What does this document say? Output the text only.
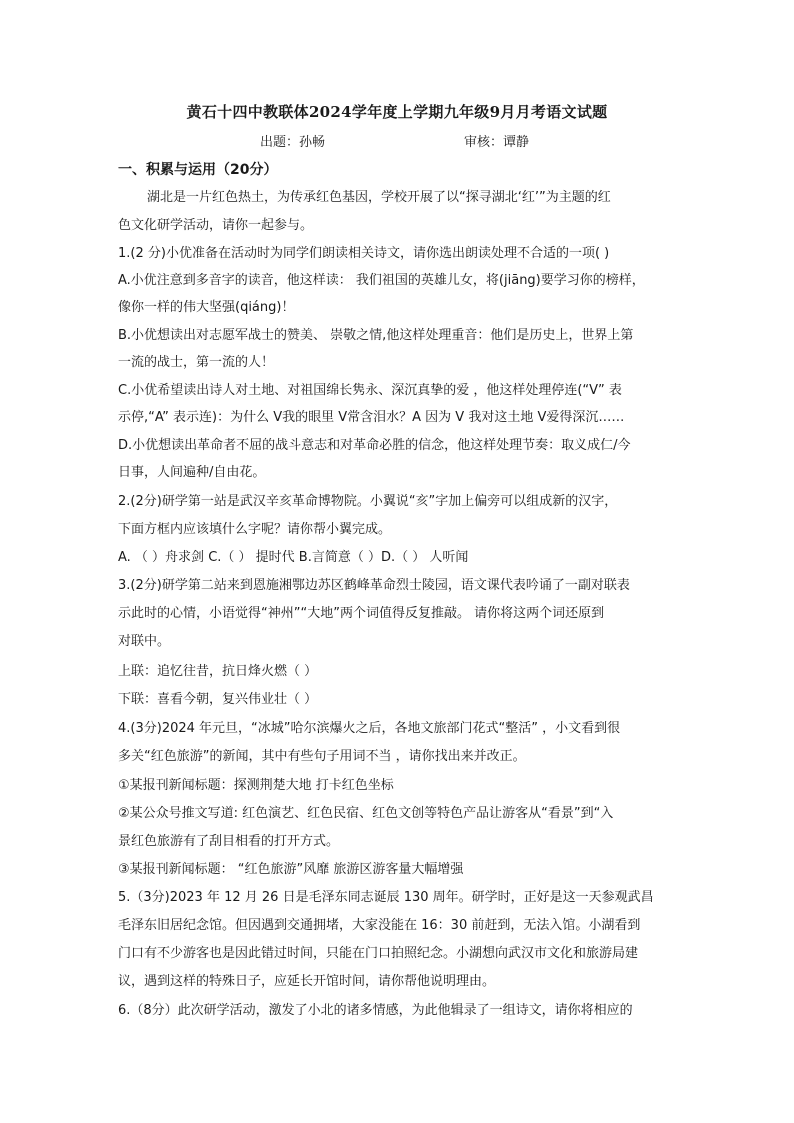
黄石十四中教联体2024学年度上学期九年级9月月考语文试题
出题：孙畅	审核：谭静
一、积累与运用（20分）
湖北是一片红色热土，为传承红色基因，学校开展了以“探寻湖北‘红’”为主题的红
色文化研学活动，请你一起参与。
1.(2 分)小优准备在活动时为同学们朗读相关诗文，请你选出朗读处理不合适的一项( )
A.小优注意到多音字的读音，他这样读： 我们祖国的英雄儿女，将(jiāng)要学习你的榜样，
像你一样的伟大坚强(qiáng)！
B.小优想读出对志愿军战士的赞美、 崇敬之情,他这样处理重音：他们是历史上，世界上第
一流的战士，第一流的人！
C.小优希望读出诗人对土地、对祖国绵长隽永、深沉真挚的爱 ，他这样处理停连(“V” 表
示停,“A” 表示连)：为什么 V我的眼里 V常含泪水？A 因为 V 我对这土地 V爱得深沉……
D.小优想读出革命者不屈的战斗意志和对革命必胜的信念，他这样处理节奏：取义成仁/今
日事，人间遍种/自由花。
2.(2分)研学第一站是武汉辛亥革命博物院。小翼说“亥”字加上偏旁可以组成新的汉字，
下面方框内应该填什么字呢？请你帮小翼完成。
A. （ ）舟求剑 C.（ ） 提时代 B.言简意（ ）D.（ ） 人听闻
3.(2分)研学第二站来到恩施湘鄂边苏区鹤峰革命烈士陵园，语文课代表吟诵了一副对联表
示此时的心情，小语觉得“神州”“大地”两个词值得反复推敲。 请你将这两个词还原到
对联中。
上联：追忆往昔，抗日烽火燃（ ）
下联：喜看今朝，复兴伟业壮（ ）
4.(3分)2024 年元旦，“冰城”哈尔滨爆火之后，各地文旅部门花式“整活” ，小文看到很
多关“红色旅游”的新闻，其中有些句子用词不当 ，请你找出来并改正。
①某报刊新闻标题：探测荆楚大地 打卡红色坐标
②某公众号推文写道: 红色演艺、红色民宿、红色文创等特色产品让游客从“看景”到“入
景红色旅游有了刮目相看的打开方式。
③某报刊新闻标题： “红色旅游”风靡 旅游区游客量大幅增强
5.（3分)2023 年 12 月 26 日是毛泽东同志诞辰 130 周年。研学时，正好是这一天参观武昌
毛泽东旧居纪念馆。但因遇到交通拥堵，大家没能在 16：30 前赶到，无法入馆。小湖看到
门口有不少游客也是因此错过时间，只能在门口拍照纪念。小湖想向武汉市文化和旅游局建
议，遇到这样的特殊日子，应延长开馆时间，请你帮他说明理由。
6.（8分）此次研学活动，激发了小北的诸多情感，为此他辑录了一组诗文，请你将相应的
